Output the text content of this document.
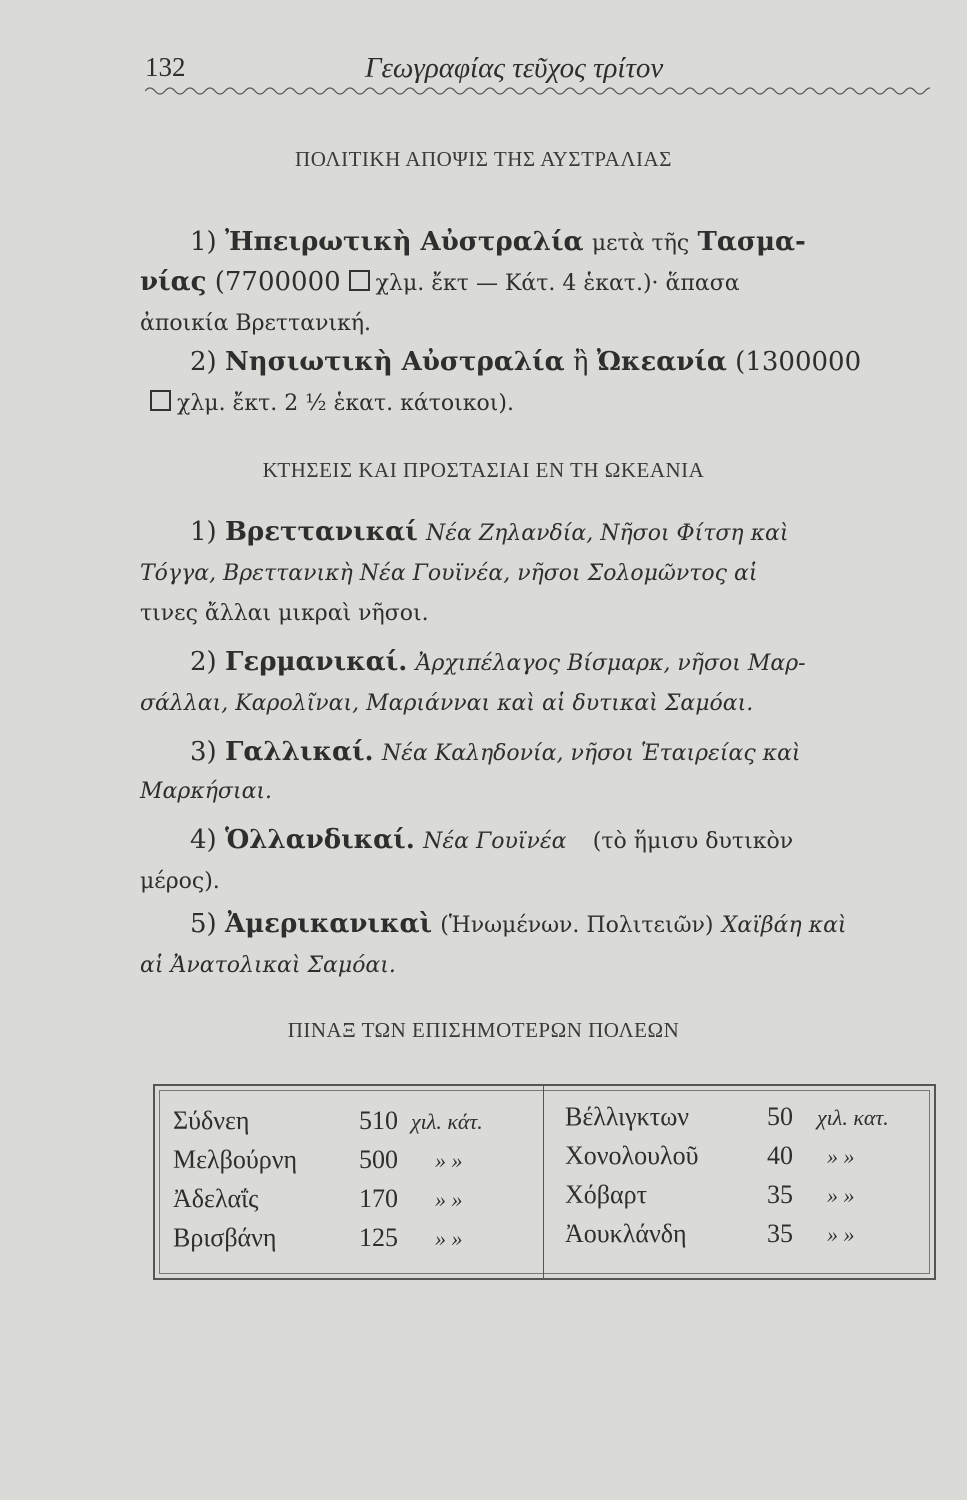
132	Γεωγραφίας τεῦχος τρίτον
ΠΟΛΙΤΙΚΗ ΑΠΟΨΙΣ ΤΗΣ ΑΥΣΤΡΑΛΙΑΣ
1) Ἠπειρωτικὴ Αὐστραλία μετὰ τῆς Τασμα-
νίας (7700000 χλμ. ἔκτ — Κάτ. 4 ἑκατ.)· ἅπασα
ἀποικία Βρεττανική.
2) Νησιωτικὴ Αὐστραλία ἢ Ὠκεανία (1300000
χλμ. ἔκτ. 2 ½ ἑκατ. κάτοικοι).
ΚΤΗΣΕΙΣ ΚΑΙ ΠΡΟΣΤΑΣΙΑΙ ΕΝ ΤΗ ΩΚΕΑΝΙΑ
1) Βρεττανικαί Νέα Ζηλανδία, Νῆσοι Φίτση καὶ
Τόγγα, Βρεττανικὴ Νέα Γουϊνέα, νῆσοι Σολομῶντος αἱ
τινες ἄλλαι μικραὶ νῆσοι.
2) Γερμανικαί. Ἀρχιπέλαγος Βίσμαρκ, νῆσοι Μαρ-
σάλλαι, Καρολῖναι, Μαριάνναι καὶ αἱ δυτικαὶ Σαμόαι.
3) Γαλλικαί. Νέα Καληδονία, νῆσοι Ἑταιρείας καὶ
Μαρκήσιαι.
4) Ὁλλανδικαί. Νέα Γουϊνέα (τὸ ἥμισυ δυτικὸν
μέρος).
5) Ἀμερικανικαὶ (Ἡνωμένων. Πολιτειῶν) Χαϊβάη καὶ
αἱ Ἀνατολικαὶ Σαμόαι.
ΠΙΝΑΞ ΤΩΝ ΕΠΙΣΗΜΟΤΕΡΩΝ ΠΟΛΕΩΝ
Σύδνεη	510 χιλ. κάτ.
Μελβούρνη 500 » »
Ἀδελαΐς	170 » »
Βρισβάνη	125 » »
Βέλλιγκτων	50 χιλ. κατ.
Χονολουλοῦ	40 » »
Χόβαρτ	35 » »
Ἀουκλάνδη	35 » »
